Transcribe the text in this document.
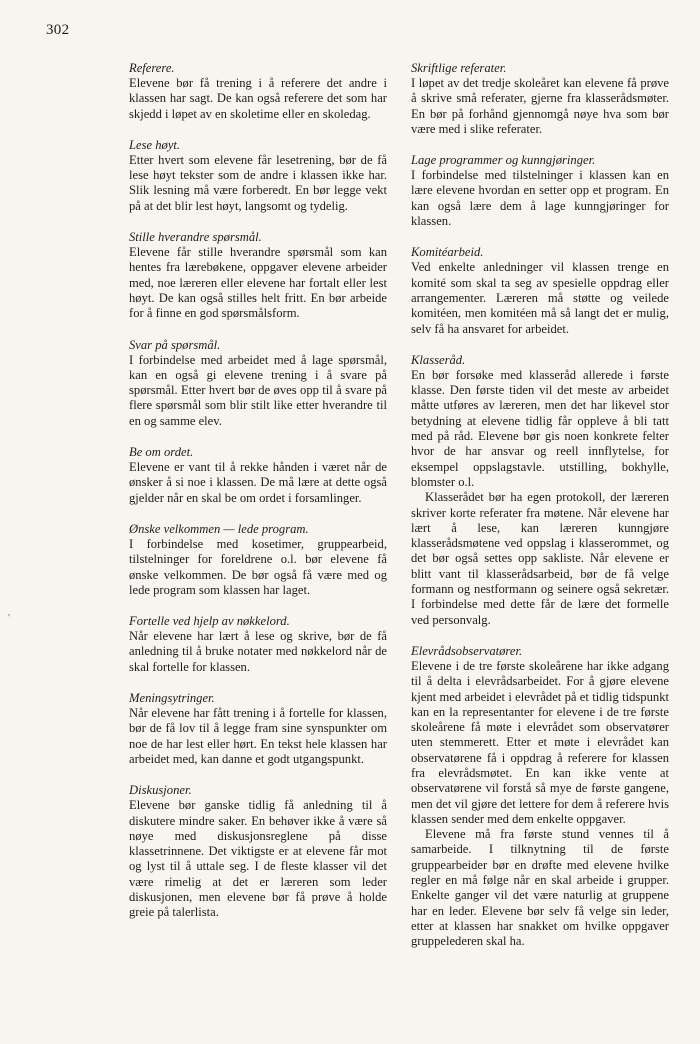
302
'

Referere.

Elevene bør få trening i å referere det andre i klassen har sagt. De kan også referere det som har skjedd i løpet av en skoletime eller en skoledag.

Lese høyt.

Etter hvert som elevene får lesetrening, bør de få lese høyt tekster som de andre i klassen ikke har. Slik lesning må være forberedt. En bør legge vekt på at det blir lest høyt, langsomt og tydelig.

Stille hverandre spørsmål.

Elevene får stille hverandre spørsmål som kan hentes fra lærebøkene, oppgaver elevene arbeider med, noe læreren eller elevene har fortalt eller lest høyt. De kan også stilles helt fritt. En bør arbeide for å finne en god spørsmålsform.

Svar på spørsmål.

I forbindelse med arbeidet med å lage spørsmål, kan en også gi elevene trening i å svare på spørsmål. Etter hvert bør de øves opp til å svare på flere spørsmål som blir stilt like etter hverandre til en og samme elev.

Be om ordet.

Elevene er vant til å rekke hånden i været når de ønsker å si noe i klassen. De må lære at dette også gjelder når en skal be om ordet i forsamlinger.

Ønske velkommen — lede program.

I forbindelse med kosetimer, gruppearbeid, tilstelninger for foreldrene o.l. bør elevene få ønske velkommen. De bør også få være med og lede program som klassen har laget.

Fortelle ved hjelp av nøkkelord.

Når elevene har lært å lese og skrive, bør de få anledning til å bruke notater med nøkkelord når de skal fortelle for klassen.

Meningsytringer.

Når elevene har fått trening i å fortelle for klassen, bør de få lov til å legge fram sine synspunkter om noe de har lest eller hørt. En tekst hele klassen har arbeidet med, kan danne et godt utgangspunkt.

Diskusjoner.

Elevene bør ganske tidlig få anledning til å diskutere mindre saker. En behøver ikke å være så nøye med diskusjonsreglene på disse klassetrinnene. Det viktigste er at elevene får mot og lyst til å uttale seg. I de fleste klasser vil det være rimelig at det er læreren som leder diskusjonen, men elevene bør få prøve å holde greie på talerlista.

Skriftlige referater.

I løpet av det tredje skoleåret kan elevene få prøve å skrive små referater, gjerne fra klasserådsmøter. En bør på forhånd gjennomgå nøye hva som bør være med i slike referater.

Lage programmer og kunngjøringer.

I forbindelse med tilstelninger i klassen kan en lære elevene hvordan en setter opp et program. En kan også lære dem å lage kunngjøringer for klassen.

Komitéarbeid.

Ved enkelte anledninger vil klassen trenge en komité som skal ta seg av spesielle oppdrag eller arrangementer. Læreren må støtte og veilede komitéen, men komitéen må så langt det er mulig, selv få ha ansvaret for arbeidet.

Klasseråd.

En bør forsøke med klasseråd allerede i første klasse. Den første tiden vil det meste av arbeidet måtte utføres av læreren, men det har likevel stor betydning at elevene tidlig får oppleve å bli tatt med på råd. Elevene bør gis noen konkrete felter hvor de har ansvar og reell innflytelse, for eksempel oppslagstavle. utstilling, bokhylle, blomster o.l.

Klasserådet bør ha egen protokoll, der læreren skriver korte referater fra møtene. Når elevene har lært å lese, kan læreren kunngjøre klasserådsmøtene ved oppslag i klasserommet, og det bør også settes opp sakliste. Når elevene er blitt vant til klasserådsarbeid, bør de få velge formann og nestformann og seinere også sekretær. I forbindelse med dette får de lære det formelle ved personvalg.

Elevrådsobservatører.

Elevene i de tre første skoleårene har ikke adgang til å delta i elevrådsarbeidet. For å gjøre elevene kjent med arbeidet i elevrådet på et tidlig tidspunkt kan en la representanter for elevene i de tre første skoleårene få møte i elevrådet som observatører uten stemmerett. Etter et møte i elevrådet kan observatørene få i oppdrag å referere for klassen fra elevrådsmøtet. En kan ikke vente at observatørene vil forstå så mye de første gangene, men det vil gjøre det lettere for dem å referere hvis klassen sender med dem enkelte oppgaver.

Elevene må fra første stund vennes til å samarbeide. I tilknytning til de første gruppearbeider bør en drøfte med elevene hvilke regler en må følge når en skal arbeide i grupper. Enkelte ganger vil det være naturlig at gruppene har en leder. Elevene bør selv få velge sin leder, etter at klassen har snakket om hvilke oppgaver gruppelederen skal ha.
